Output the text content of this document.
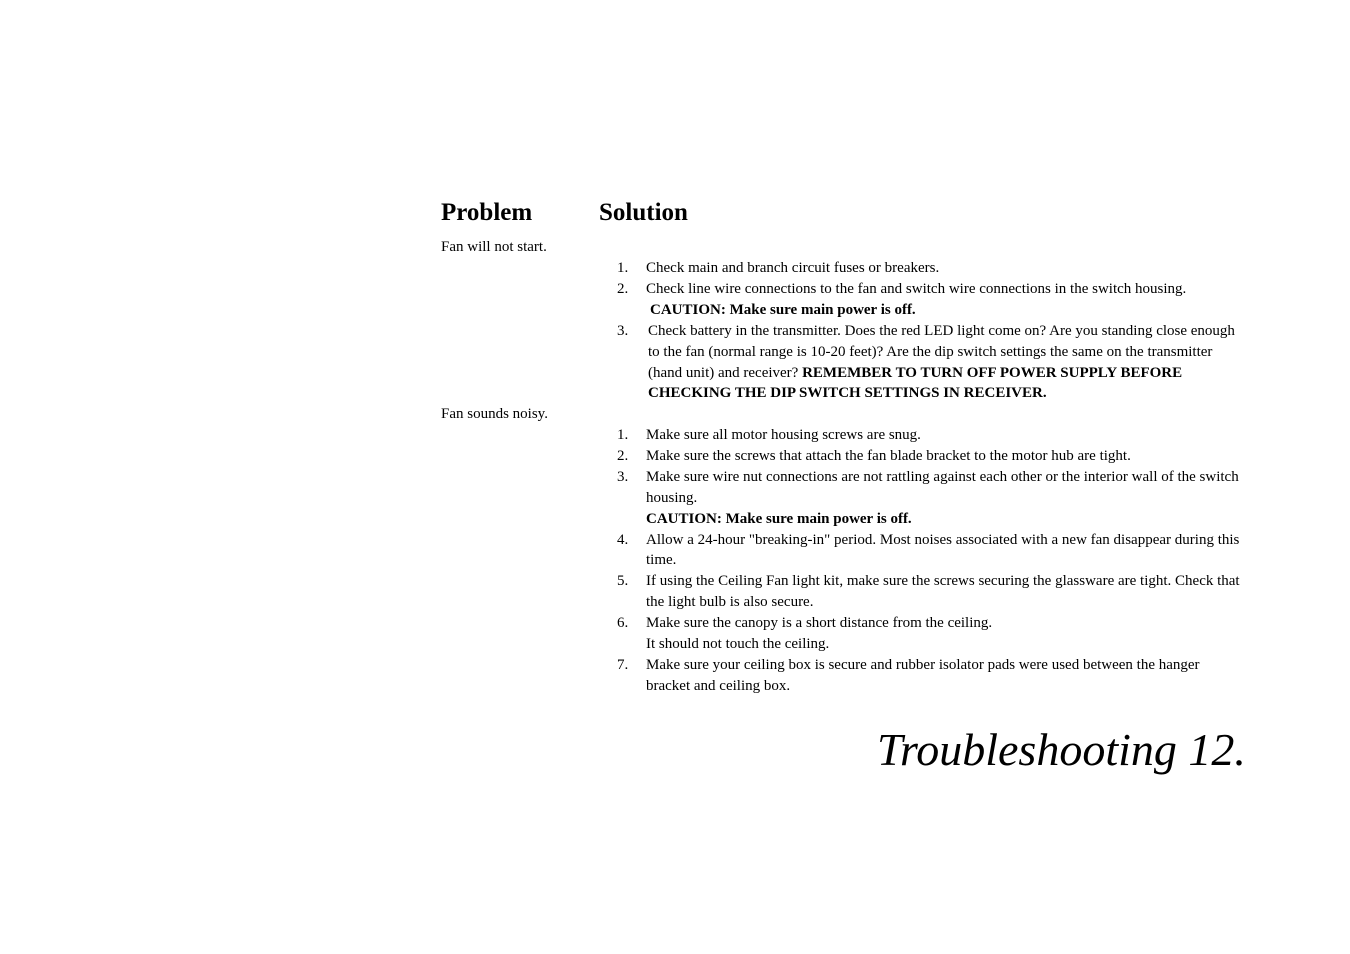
Problem	Solution
Fan will not start.
1. Check main and branch circuit fuses or breakers.
2. Check line wire connections to the fan and switch wire connections in the switch housing.
CAUTION: Make sure main power is off.
3. Check battery in the transmitter. Does the red LED light come on? Are you standing close enough
to the fan (normal range is 10-20 feet)? Are the dip switch settings the same on the transmitter
(hand unit) and receiver? REMEMBER TO TURN OFF POWER SUPPLY BEFORE
CHECKING THE DIP SWITCH SETTINGS IN RECEIVER.
Fan sounds noisy.
1. Make sure all motor housing screws are snug.
2. Make sure the screws that attach the fan blade bracket to the motor hub are tight.
3. Make sure wire nut connections are not rattling against each other or the interior wall of the switch
housing.
CAUTION: Make sure main power is off.
4. Allow a 24-hour "breaking-in" period. Most noises associated with a new fan disappear during this
time.
5. If using the Ceiling Fan light kit, make sure the screws securing the glassware are tight. Check that
the light bulb is also secure.
6. Make sure the canopy is a short distance from the ceiling.
It should not touch the ceiling.
7. Make sure your ceiling box is secure and rubber isolator pads were used between the hanger
bracket and ceiling box.
Troubleshooting 12.
